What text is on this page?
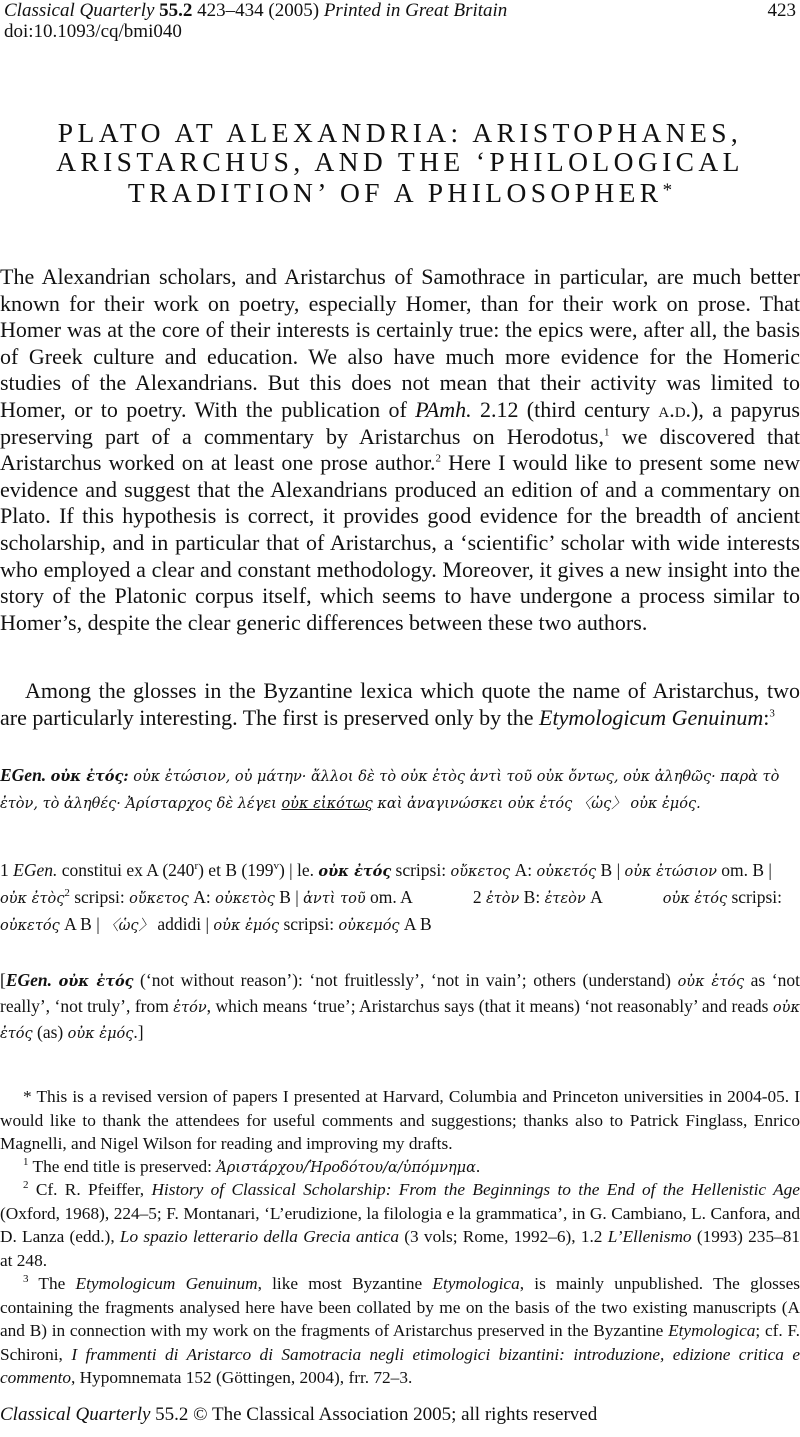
Classical Quarterly 55.2 423–434 (2005) Printed in Great Britain
doi:10.1093/cq/bmi040
423
PLATO AT ALEXANDRIA: ARISTOPHANES,
ARISTARCHUS, AND THE ‘PHILOLOGICAL
TRADITION’ OF A PHILOSOPHER*
The Alexandrian scholars, and Aristarchus of Samothrace in particular, are much better known for their work on poetry, especially Homer, than for their work on prose. That Homer was at the core of their interests is certainly true: the epics were, after all, the basis of Greek culture and education. We also have much more evidence for the Homeric studies of the Alexandrians. But this does not mean that their activity was limited to Homer, or to poetry. With the publication of PAmh. 2.12 (third century a.d.), a papyrus preserving part of a commentary by Aristarchus on Herodotus,$^1$ we discovered that Aristarchus worked on at least one prose author.$^2$ Here I would like to present some new evidence and suggest that the Alexandrians produced an edition of and a commentary on Plato. If this hypothesis is correct, it provides good evidence for the breadth of ancient scholarship, and in particular that of Aristarchus, a ‘scientific’ scholar with wide interests who employed a clear and constant methodology. Moreover, it gives a new insight into the story of the Platonic corpus itself, which seems to have undergone a process similar to Homer’s, despite the clear generic differences between these two authors.
Among the glosses in the Byzantine lexica which quote the name of Aristarchus, two are particularly interesting. The first is preserved only by the Etymologicum Genuinum:$^3$
EGen. οὐκ ἐτός: οὐκ ἐτώσιον, οὐ μάτην· ἄλλοι δὲ τὸ οὐκ ἐτὸς ἀντὶ τοῦ οὐκ ὄντως, οὐκ ἀληθῶς· παρὰ τὸ ἐτὸν, τὸ ἀληθές· Ἀρίσταρχος δὲ λέγει οὐκ εἰκότως καὶ ἀναγινώσκει οὐκ ἐτός 〈ὡς〉 οὐκ ἐμός.
1 EGen. constitui ex A (240$^r$) et B (199$^v$) | le. οὐκ ἐτός scripsi: οὔκετος A: οὐκετός B | οὐκ ἐτώσιον om. B | οὐκ ἐτὸς$^2$ scripsi: οὔκετος A: οὐκετὸς B | ἀντὶ τοῦ om. A	2 ἐτὸν B: ἐτεὸν A	οὐκ ἐτός scripsi: οὐκετός A B | 〈ὡς〉 addidi | οὐκ ἐμός scripsi: οὐκεμός A B
[EGen. οὐκ ἐτός (‘not without reason’): ‘not fruitlessly’, ‘not in vain’; others (understand) οὐκ ἐτός as ‘not really’, ‘not truly’, from ἐτόν, which means ‘true’; Aristarchus says (that it means) ‘not reasonably’ and reads οὐκ ἐτός (as) οὐκ ἐμός.]
* This is a revised version of papers I presented at Harvard, Columbia and Princeton universities in 2004-05. I would like to thank the attendees for useful comments and suggestions; thanks also to Patrick Finglass, Enrico Magnelli, and Nigel Wilson for reading and improving my drafts.
$^1$ The end title is preserved: Ἀριστάρχου/Ἡροδότου/α/ὑπόμνημα.
$^2$ Cf. R. Pfeiffer, History of Classical Scholarship: From the Beginnings to the End of the Hellenistic Age (Oxford, 1968), 224–5; F. Montanari, ‘L’erudizione, la filologia e la grammatica’, in G. Cambiano, L. Canfora, and D. Lanza (edd.), Lo spazio letterario della Grecia antica (3 vols; Rome, 1992–6), 1.2 L’Ellenismo (1993) 235–81 at 248.
$^3$ The Etymologicum Genuinum, like most Byzantine Etymologica, is mainly unpublished. The glosses containing the fragments analysed here have been collated by me on the basis of the two existing manuscripts (A and B) in connection with my work on the fragments of Aristarchus preserved in the Byzantine Etymologica; cf. F. Schironi, I frammenti di Aristarco di Samotracia negli etimologici bizantini: introduzione, edizione critica e commento, Hypomnemata 152 (Göttingen, 2004), frr. 72–3.
Classical Quarterly 55.2 © The Classical Association 2005; all rights reserved
